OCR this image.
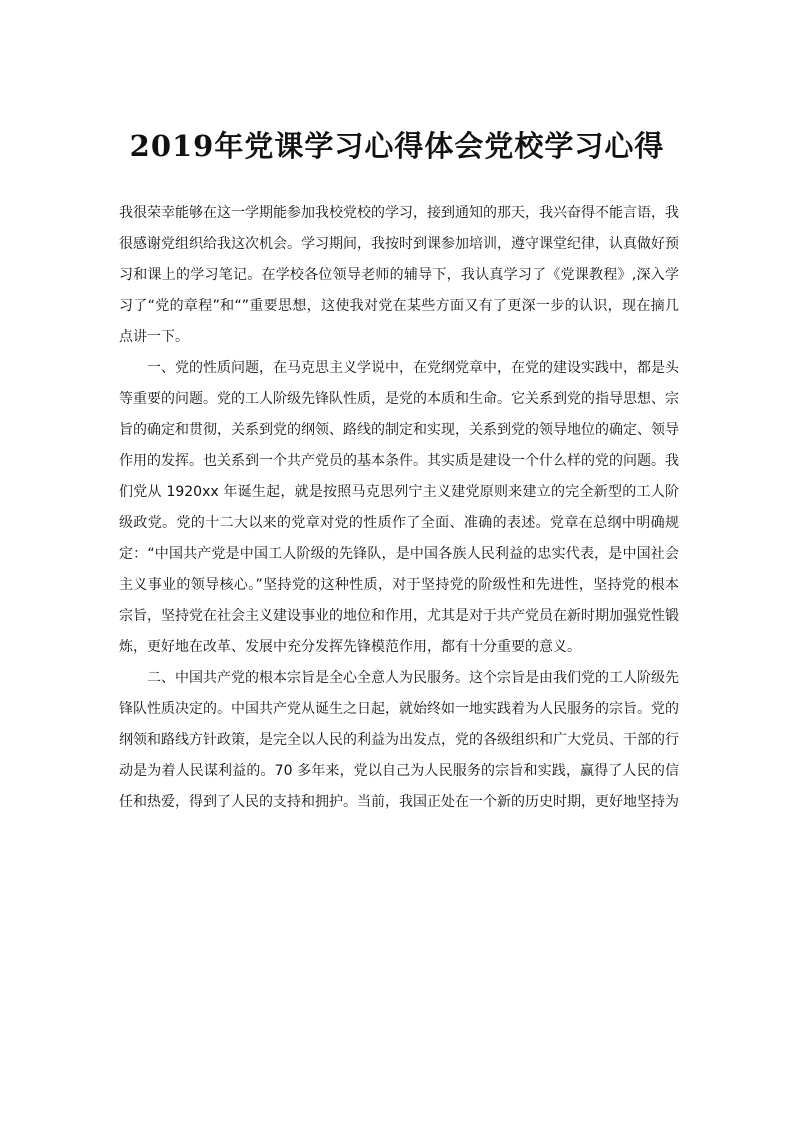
2019年党课学习心得体会党校学习心得

我很荣幸能够在这一学期能参加我校党校的学习，接到通知的那天，我兴奋得不能言语，我很感谢党组织给我这次机会。学习期间，我按时到课参加培训，遵守课堂纪律，认真做好预习和课上的学习笔记。在学校各位领导老师的辅导下，我认真学习了《党课教程》,深入学习了“党的章程”和“”重要思想，这使我对党在某些方面又有了更深一步的认识，现在摘几点讲一下。

一、党的性质问题，在马克思主义学说中，在党纲党章中，在党的建设实践中，都是头等重要的问题。党的工人阶级先锋队性质，是党的本质和生命。它关系到党的指导思想、宗旨的确定和贯彻，关系到党的纲领、路线的制定和实现，关系到党的领导地位的确定、领导作用的发挥。也关系到一个共产党员的基本条件。其实质是建设一个什么样的党的问题。我们党从 1920xx 年诞生起，就是按照马克思列宁主义建党原则来建立的完全新型的工人阶级政党。党的十二大以来的党章对党的性质作了全面、准确的表述。党章在总纲中明确规定：“中国共产党是中国工人阶级的先锋队，是中国各族人民利益的忠实代表，是中国社会主义事业的领导核心。”坚持党的这种性质，对于坚持党的阶级性和先进性，坚持党的根本宗旨，坚持党在社会主义建设事业的地位和作用，尤其是对于共产党员在新时期加强党性锻炼，更好地在改革、发展中充分发挥先锋模范作用，都有十分重要的意义。

二、中国共产党的根本宗旨是全心全意人为民服务。这个宗旨是由我们党的工人阶级先锋队性质决定的。中国共产党从诞生之日起，就始终如一地实践着为人民服务的宗旨。党的纲领和路线方针政策，是完全以人民的利益为出发点，党的各级组织和广大党员、干部的行动是为着人民谋利益的。70 多年来，党以自己为人民服务的宗旨和实践，赢得了人民的信任和热爱，得到了人民的支持和拥护。当前，我国正处在一个新的历史时期，更好地坚持为
